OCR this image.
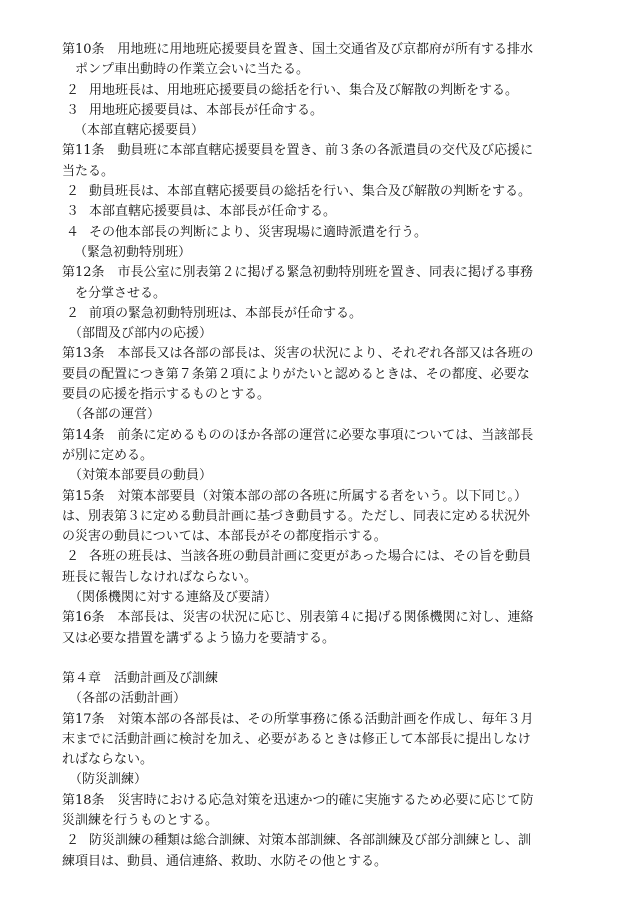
第10条　用地班に用地班応援要員を置き、国土交通省及び京都府が所有する排水
ポンプ車出動時の作業立会いに当たる。
２ 用地班長は、用地班応援要員の総括を行い、集合及び解散の判断をする。
３ 用地班応援要員は、本部長が任命する。
（本部直轄応援要員）
第11条　動員班に本部直轄応援要員を置き、前３条の各派遣員の交代及び応援に
当たる。
２ 動員班長は、本部直轄応援要員の総括を行い、集合及び解散の判断をする。
３ 本部直轄応援要員は、本部長が任命する。
４ その他本部長の判断により、災害現場に適時派遣を行う。
（緊急初動特別班）
第12条　市長公室に別表第２に掲げる緊急初動特別班を置き、同表に掲げる事務
を分掌させる。
２ 前項の緊急初動特別班は、本部長が任命する。
（部間及び部内の応援）
第13条　本部長又は各部の部長は、災害の状況により、それぞれ各部又は各班の
要員の配置につき第７条第２項によりがたいと認めるときは、その都度、必要な
要員の応援を指示するものとする。
（各部の運営）
第14条　前条に定めるもののほか各部の運営に必要な事項については、当該部長
が別に定める。
（対策本部要員の動員）
第15条　対策本部要員（対策本部の部の各班に所属する者をいう。以下同じ。）
は、別表第３に定める動員計画に基づき動員する。ただし、同表に定める状況外
の災害の動員については、本部長がその都度指示する。
２ 各班の班長は、当該各班の動員計画に変更があった場合には、その旨を動員
班長に報告しなければならない。
（関係機関に対する連絡及び要請）
第16条　本部長は、災害の状況に応じ、別表第４に掲げる関係機関に対し、連絡
又は必要な措置を講ずるよう協力を要請する。
第４章　活動計画及び訓練
（各部の活動計画）
第17条　対策本部の各部長は、その所掌事務に係る活動計画を作成し、毎年３月
末までに活動計画に検討を加え、必要があるときは修正して本部長に提出しなけ
ればならない。
（防災訓練）
第18条　災害時における応急対策を迅速かつ的確に実施するため必要に応じて防
災訓練を行うものとする。
２ 防災訓練の種類は総合訓練、対策本部訓練、各部訓練及び部分訓練とし、訓
練項目は、動員、通信連絡、救助、水防その他とする。
